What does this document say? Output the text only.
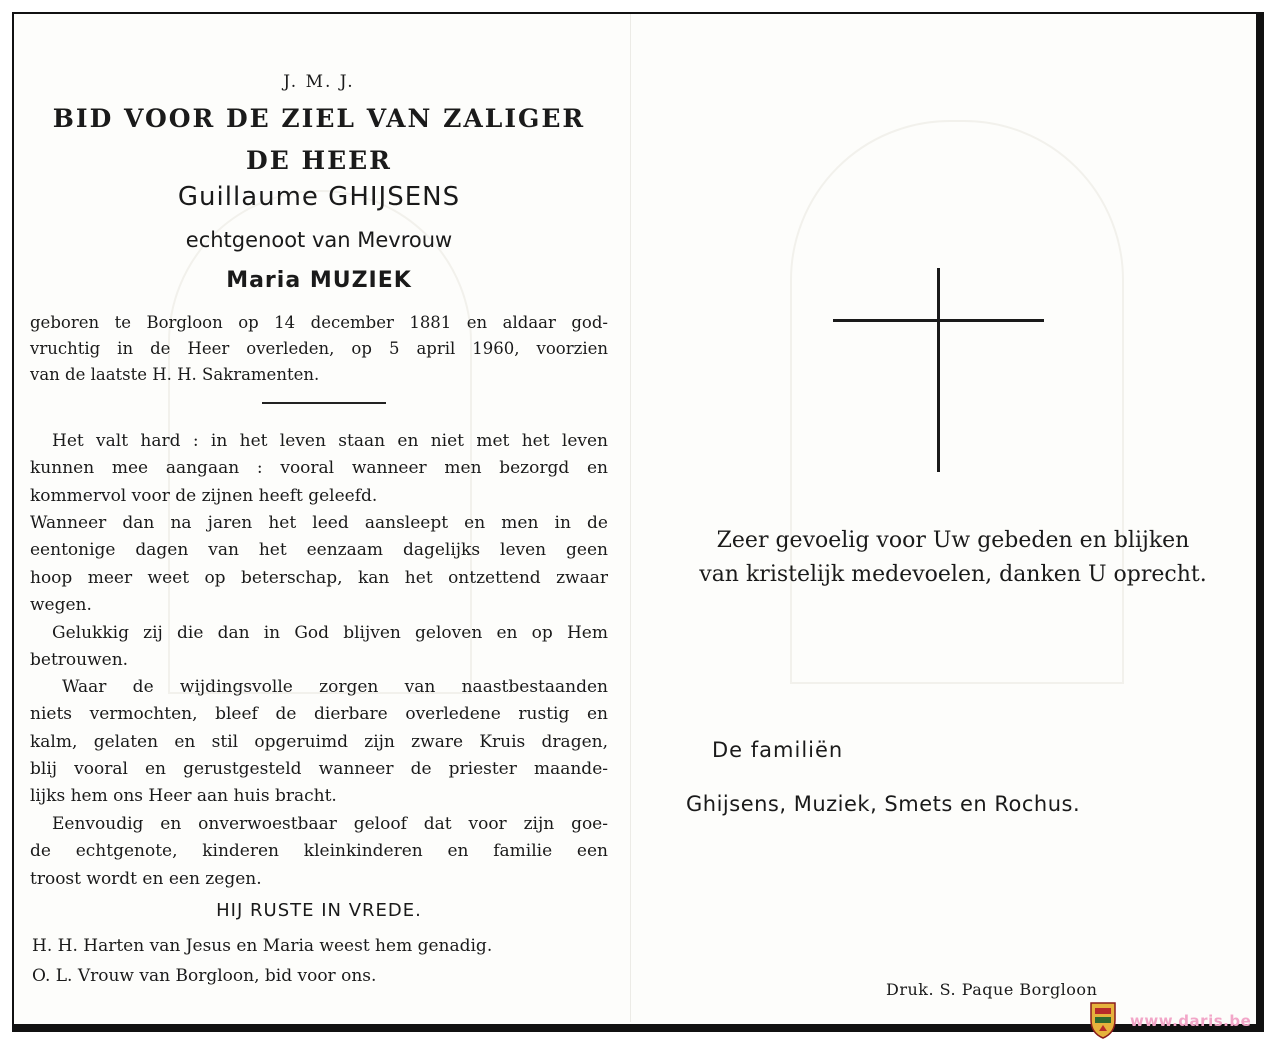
J. M. J.
BID VOOR DE ZIEL VAN ZALIGER
DE HEER
Guillaume GHIJSENS
echtgenoot van Mevrouw
Maria MUZIEK
geboren te Borgloon op 14 december 1881 en aldaar god-
vruchtig in de Heer overleden, op 5 april 1960, voorzien
van de laatste H. H. Sakramenten.
Het valt hard : in het leven staan en niet met het leven
kunnen mee aangaan : vooral wanneer men bezorgd en
kommervol voor de zijnen heeft geleefd.
Wanneer dan na jaren het leed aansleept en men in de
eentonige dagen van het eenzaam dagelijks leven geen
hoop meer weet op beterschap, kan het ontzettend zwaar
wegen.
Gelukkig zij die dan in God blijven geloven en op Hem
betrouwen.
Waar de wijdingsvolle zorgen van naastbestaanden
niets vermochten, bleef de dierbare overledene rustig en
kalm, gelaten en stil opgeruimd zijn zware Kruis dragen,
blij vooral en gerustgesteld wanneer de priester maande-
lijks hem ons Heer aan huis bracht.
Eenvoudig en onverwoestbaar geloof dat voor zijn goe-
de echtgenote, kinderen kleinkinderen en familie een
troost wordt en een zegen.
HIJ RUSTE IN VREDE.
H. H. Harten van Jesus en Maria weest hem genadig.
O. L. Vrouw van Borgloon, bid voor ons.
Zeer gevoelig voor Uw gebeden en blijken
van kristelijk medevoelen, danken U oprecht.
De familiën
Ghijsens, Muziek, Smets en Rochus.
Druk. S. Paque Borgloon
www.daris.be
